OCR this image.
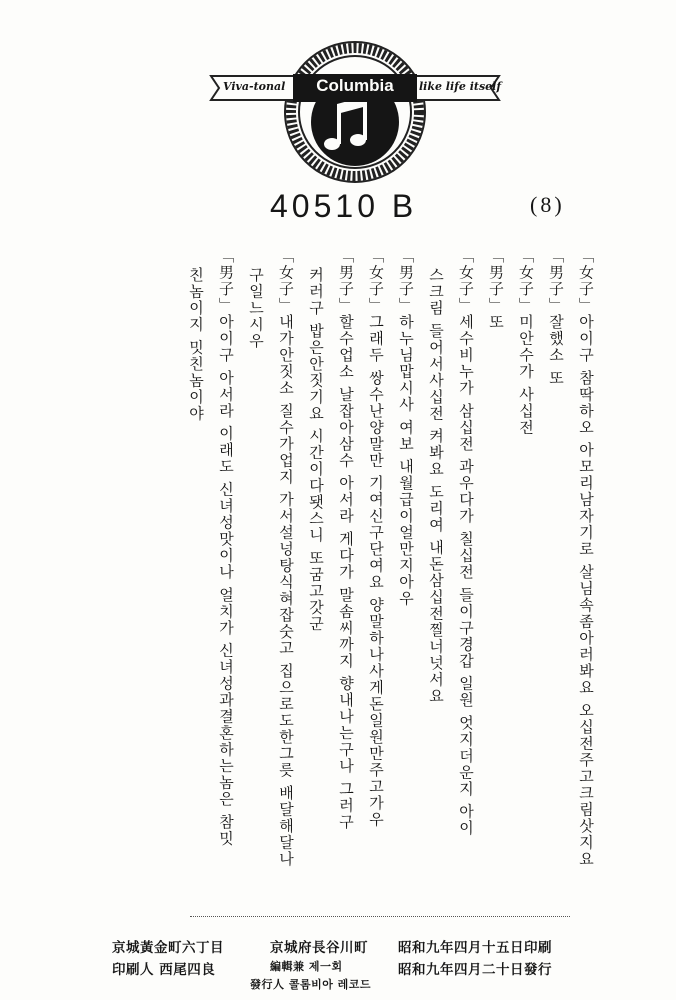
Viva-tonal	Columbia	like life itself
40510 B	(8)
「女子」아이구 참딱하오 아모리남자기로 살님속좀아러봐요 오십전주고크림삿지요
「男子」잘했소 또
「女子」미안수가 사십전
「男子」또
「女子」세수비누가 삼십전 과우다가 칠십전 들이구경갑 일원 엇지더운지 아이
스크림 들어서사십전 켜봐요 도리여 내돈삼십전찔너넛서요
「男子」하누님맙시사 여보 내월급이얼만지아우
「女子」그래두 쌍수난양말만 기여신구단여요 양말하나사게돈일원만주고가우
「男子」할수업소 날잡아삼수 아서라 게다가 말솜씨까지 향내나는구나 그러구
커러구 밥은안짓기요 시간이다됏스니 또굼고갓군
「女子」내가안짓소 질수가업지 가서설넝탕식혀잡숫고 집으로도한그릇 배달해달나
구일느시우
「男子」아이구 아서라 이래도 신녀성맛이나 얼치가 신녀성과결혼하는놈은 참밋
친놈이지 밋친놈이야
昭和九年四月十五日印刷
昭和九年四月二十日發行
京城府長谷川町
編輯兼 제一회
發行人 콜롬비아 레코드
京城黃金町六丁目
印刷人 西尾四良
